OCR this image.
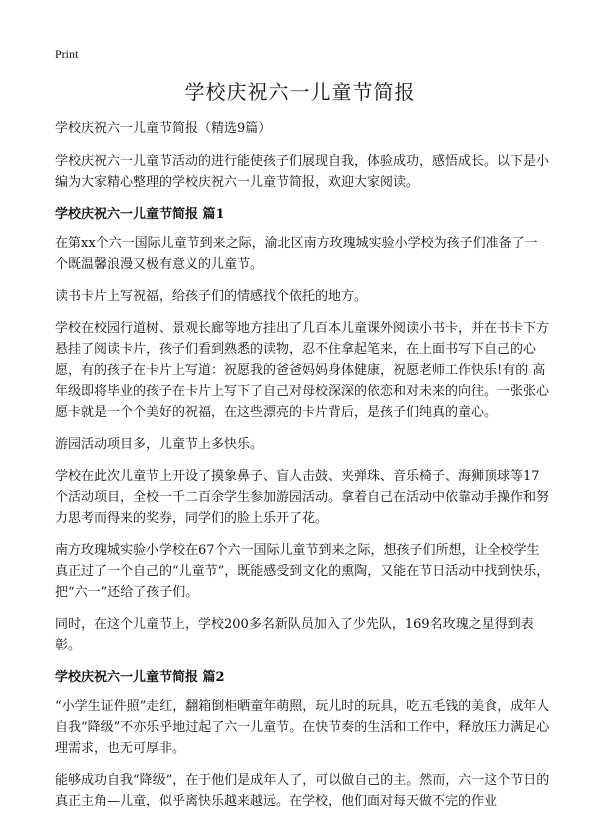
Print
学校庆祝六一儿童节简报

学校庆祝六一儿童节简报（精选9篇）

学校庆祝六一儿童节活动的进行能使孩子们展现自我，体验成功，感悟成长。以下是小编为大家精心整理的学校庆祝六一儿童节简报，欢迎大家阅读。

学校庆祝六一儿童节简报 篇1

在第xx个六一国际儿童节到来之际，渝北区南方玫瑰城实验小学校为孩子们准备了一个既温馨浪漫又极有意义的儿童节。

读书卡片上写祝福，给孩子们的情感找个依托的地方。

学校在校园行道树、景观长廊等地方挂出了几百本儿童课外阅读小书卡，并在书卡下方悬挂了阅读卡片，孩子们看到熟悉的读物，忍不住拿起笔来，在上面书写下自己的心愿，有的孩子在卡片上写道：祝愿我的爸爸妈妈身体健康，祝愿老师工作快乐!有的 高年级即将毕业的孩子在卡片上写下了自己对母校深深的依恋和对未来的向往。一张张心愿卡就是一个个美好的祝福，在这些漂亮的卡片背后，是孩子们纯真的童心。

游园活动项目多，儿童节上多快乐。

学校在此次儿童节上开设了摸象鼻子、盲人击鼓、夹弹珠、音乐椅子、海狮顶球等17个活动项目，全校一千二百余学生参加游园活动。拿着自己在活动中依靠动手操作和努力思考而得来的奖券，同学们的脸上乐开了花。

南方玫瑰城实验小学校在67个六一国际儿童节到来之际，想孩子们所想，让全校学生真正过了一个自己的“儿童节”，既能感受到文化的熏陶，又能在节日活动中找到快乐，把“六一”还给了孩子们。

同时，在这个儿童节上，学校200多名新队员加入了少先队，169名玫瑰之星得到表彰。

学校庆祝六一儿童节简报 篇2

“小学生证件照”走红，翻箱倒柜晒童年萌照，玩儿时的玩具，吃五毛钱的美食，成年人自我“降级”不亦乐乎地过起了六一儿童节。在快节奏的生活和工作中，释放压力满足心理需求，也无可厚非。

能够成功自我“降级”，在于他们是成年人了，可以做自己的主。然而，六一这个节日的真正主角—儿童，似乎离快乐越来越远。在学校，他们面对每天做不完的作业
